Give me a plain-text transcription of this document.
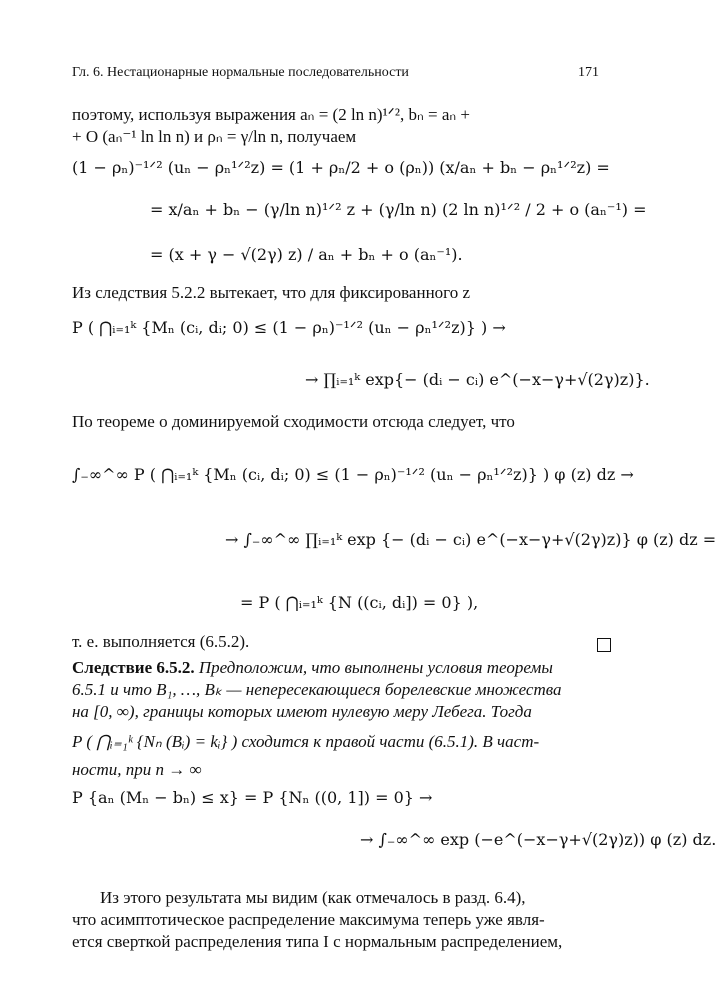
Гл. 6. Нестационарные нормальные последовательности	171
поэтому, используя выражения aₙ = (2 ln n)¹ᐟ², bₙ = aₙ +
+ O (aₙ⁻¹ ln ln n) и ρₙ = γ/ln n, получаем
(1 − ρₙ)⁻¹ᐟ² (uₙ − ρₙ¹ᐟ²z) = (1 + ρₙ/2 + o (ρₙ)) (x/aₙ + bₙ − ρₙ¹ᐟ²z) =
= x/aₙ + bₙ − (γ/ln n)¹ᐟ² z + (γ/ln n) (2 ln n)¹ᐟ² / 2 + o (aₙ⁻¹) =
= (x + γ − √(2γ) z) / aₙ + bₙ + o (aₙ⁻¹).
Из следствия 5.2.2 вытекает, что для фиксированного z
P ( ⋂ᵢ₌₁ᵏ {Mₙ (cᵢ, dᵢ; 0) ≤ (1 − ρₙ)⁻¹ᐟ² (uₙ − ρₙ¹ᐟ²z)} ) →
→ ∏ᵢ₌₁ᵏ exp{− (dᵢ − cᵢ) e^(−x−γ+√(2γ)z)}.
По теореме о доминируемой сходимости отсюда следует, что
∫₋∞^∞ P ( ⋂ᵢ₌₁ᵏ {Mₙ (cᵢ, dᵢ; 0) ≤ (1 − ρₙ)⁻¹ᐟ² (uₙ − ρₙ¹ᐟ²z)} ) φ (z) dz →
→ ∫₋∞^∞ ∏ᵢ₌₁ᵏ exp {− (dᵢ − cᵢ) e^(−x−γ+√(2γ)z)} φ (z) dz =
= P ( ⋂ᵢ₌₁ᵏ {N ((cᵢ, dᵢ]) = 0} ),
т. е. выполняется (6.5.2).
Следствие 6.5.2. Предположим, что выполнены условия теоремы
6.5.1 и что B₁, …, Bₖ — непересекающиеся борелевские множества
на [0, ∞), границы которых имеют нулевую меру Лебега. Тогда
P ( ⋂ᵢ₌₁ᵏ {Nₙ (Bᵢ) = kᵢ} ) сходится к правой части (6.5.1). В част-
ности, при n → ∞
P {aₙ (Mₙ − bₙ) ≤ x} = P {Nₙ ((0, 1]) = 0} →
→ ∫₋∞^∞ exp (−e^(−x−γ+√(2γ)z)) φ (z) dz.
Из этого результата мы видим (как отмечалось в разд. 6.4),
что асимптотическое распределение максимума теперь уже явля-
ется сверткой распределения типа I с нормальным распределением,
